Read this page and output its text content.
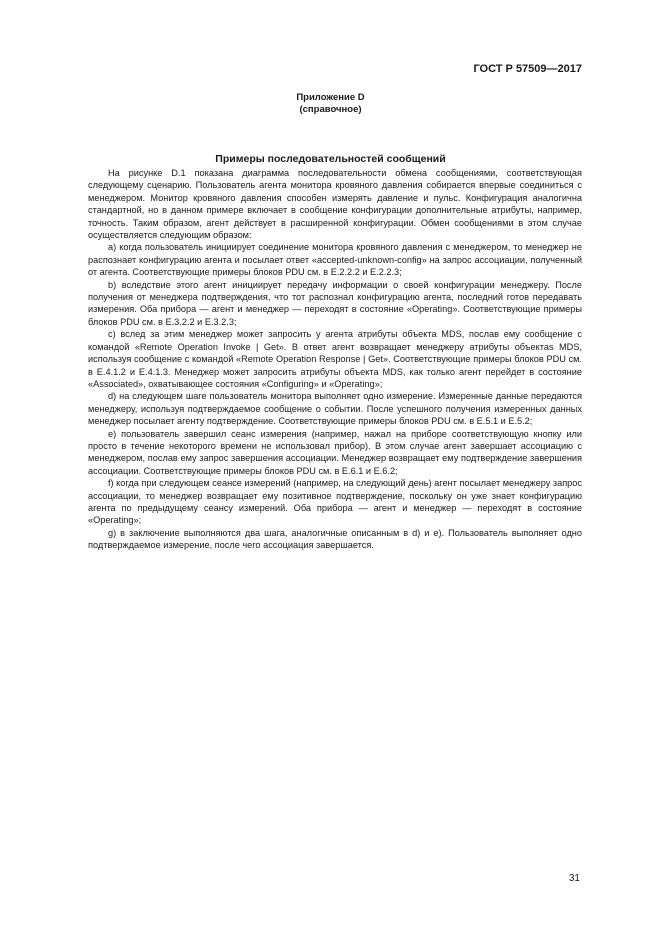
ГОСТ Р 57509—2017
Приложение D
(справочное)
Примеры последовательностей сообщений

На рисунке D.1 показана диаграмма последовательности обмена сообщениями, соответствующая следующему сценарию. Пользователь агента монитора кровяного давления собирается впервые соединиться с менеджером. Монитор кровяного давления способен измерять давление и пульс. Конфигурация аналогична стандартной, но в данном примере включает в сообщение конфигурации дополнительные атрибуты, например, точность. Таким образом, агент действует в расширенной конфигурации. Обмен сообщениями в этом случае осуществляется следующим образом:

а) когда пользователь инициирует соединение монитора кровяного давления с менеджером, то менеджер не распознает конфигурацию агента и посылает ответ «accepted-unknown-config» на запрос ассоциации, полученный от агента. Соответствующие примеры блоков PDU см. в E.2.2.2 и E.2.2.3;

b) вследствие этого агент инициирует передачу информации о своей конфигурации менеджеру. После получения от менеджера подтверждения, что тот распознал конфигурацию агента, последний готов передавать измерения. Оба прибора — агент и менеджер — переходят в состояние «Operating». Соответствующие примеры блоков PDU см. в E.3.2.2 и E.3.2.3;

c) вслед за этим менеджер может запросить у агента атрибуты объекта MDS, послав ему сообщение с командой «Remote Operation Invoke | Get». В ответ агент возвращает менеджеру атрибуты объектаs MDS, используя сообщение с командой «Remote Operation Response | Get». Соответствующие примеры блоков PDU см. в E.4.1.2 и E.4.1.3. Менеджер может запросить атрибуты объекта MDS, как только агент перейдет в состояние «Associated», охватывающее состояния «Configuring» и «Operating»;

d) на следующем шаге пользователь монитора выполняет одно измерение. Измеренные данные передаются менеджеру, используя подтверждаемое сообщение о событии. После успешного получения измеренных данных менеджер посылает агенту подтверждение. Соответствующие примеры блоков PDU см. в E.5.1 и E.5.2;

e) пользователь завершил сеанс измерения (например, нажал на приборе соответствующую кнопку или просто в течение некоторого времени не использовал прибор). В этом случае агент завершает ассоциацию с менеджером, послав ему запрос завершения ассоциации. Менеджер возвращает ему подтверждение завершения ассоциации. Соответствующие примеры блоков PDU см. в E.6.1 и E.6.2;

f) когда при следующем сеансе измерений (например, на следующий день) агент посылает менеджеру запрос ассоциации, то менеджер возвращает ему позитивное подтверждение, поскольку он уже знает конфигурацию агента по предыдущему сеансу измерений. Оба прибора — агент и менеджер — переходят в состояние «Operating»;

g) в заключение выполняются два шага, аналогичные описанным в d) и e). Пользователь выполняет одно подтверждаемое измерение, после чего ассоциация завершается.

31
